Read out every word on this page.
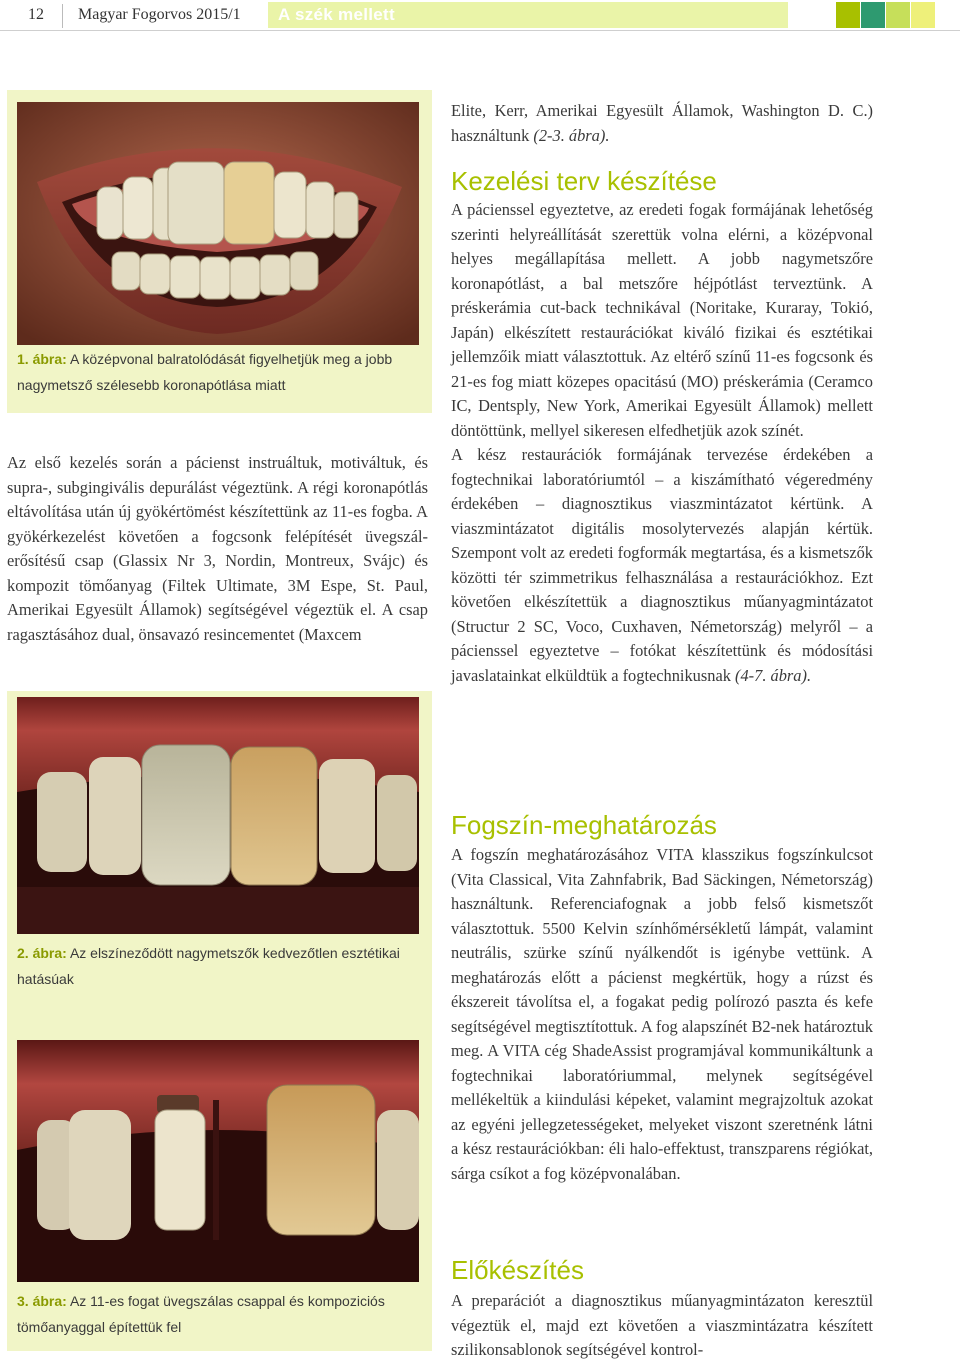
12 Magyar Fogorvos 2015/1 A szék mellett
1. ábra: A középvonal balratolódását figyelhetjük meg a jobb nagymetsző szélesebb koronapótlása miatt

Az első kezelés során a pácienst instruáltuk, motiváltuk, és supra-, subgingivális depurálást végeztünk. A régi koronapótlás eltávolítása után új gyökértömést készítettünk az 11-es fogba. A gyökérkezelést követően a fogcsonk felépítését üvegszál-erősítésű csap (Glassix Nr 3, Nordin, Montreux, Svájc) és kompozit tömőanyag (Filtek Ultimate, 3M Espe, St. Paul, Amerikai Egyesült Államok) segítségével végeztük el. A csap ragasztásához dual, önsavazó resincementet (Maxcem

2. ábra: Az elszíneződött nagymetszők kedvezőtlen esztétikai hatásúak
3. ábra: Az 11-es fogat üvegszálas csappal és kompoziciós tömőanyaggal építettük fel

Elite, Kerr, Amerikai Egyesült Államok, Washington D. C.) használtunk (2-3. ábra).

Kezelési terv készítése

A pácienssel egyeztetve, az eredeti fogak formájának lehetőség szerinti helyreállítását szerettük volna elérni, a középvonal helyes megállapítása mellett. A jobb nagymetszőre koronapótlást, a bal metszőre héjpótlást terveztünk. A préskerámia cut-back technikával (Noritake, Kuraray, Tokió, Japán) elkészített restaurációkat kiváló fizikai és esztétikai jellemzőik miatt választottuk. Az eltérő színű 11-es fogcsonk és 21-es fog miatt közepes opacitású (MO) préskerámia (Ceramco IC, Dentsply, New York, Amerikai Egyesült Államok) mellett döntöttünk, mellyel sikeresen elfedhetjük azok színét.

A kész restaurációk formájának tervezése érdekében a fogtechnikai laboratóriumtól – a kiszámítható végeredmény érdekében – diagnosztikus viaszmintázatot kértünk. A viaszmintázatot digitális mosolytervezés alapján kértük. Szempont volt az eredeti fogformák megtartása, és a kismetszők közötti tér szimmetrikus felhasználása a restaurációkhoz. Ezt követően elkészítettük a diagnosztikus műanyagmintázatot (Structur 2 SC, Voco, Cuxhaven, Németország) melyről – a pácienssel egyeztetve – fotókat készítettünk és módosítási javaslatainkat elküldtük a fogtechnikusnak (4-7. ábra).

Fogszín-meghatározás

A fogszín meghatározásához VITA klasszikus fogszínkulcsot (Vita Classical, Vita Zahnfabrik, Bad Säckingen, Németország) használtunk. Referenciafognak a jobb felső kismetszőt választottuk. 5500 Kelvin színhőmérsékletű lámpát, valamint neutrális, szürke színű nyálkendőt is igénybe vettünk. A meghatározás előtt a pácienst megkértük, hogy a rúzst és ékszereit távolítsa el, a fogakat pedig polírozó paszta és kefe segítségével megtisztítottuk. A fog alapszínét B2-nek határoztuk meg. A VITA cég ShadeAssist programjával kommunikáltunk a fogtechnikai laboratóriummal, melynek segítségével mellékeltük a kiindulási képeket, valamint megrajzoltuk azokat az egyéni jellegzetességeket, melyeket viszont szeretnénk látni a kész restaurációkban: éli halo-effektust, transzparens régiókat, sárga csíkot a fog középvonalában.

Előkészítés

A preparációt a diagnosztikus műanyagmintázaton keresztül végeztük el, majd ezt követően a viaszmintázatra készített szilikonsablonok segítségével kontrol-
